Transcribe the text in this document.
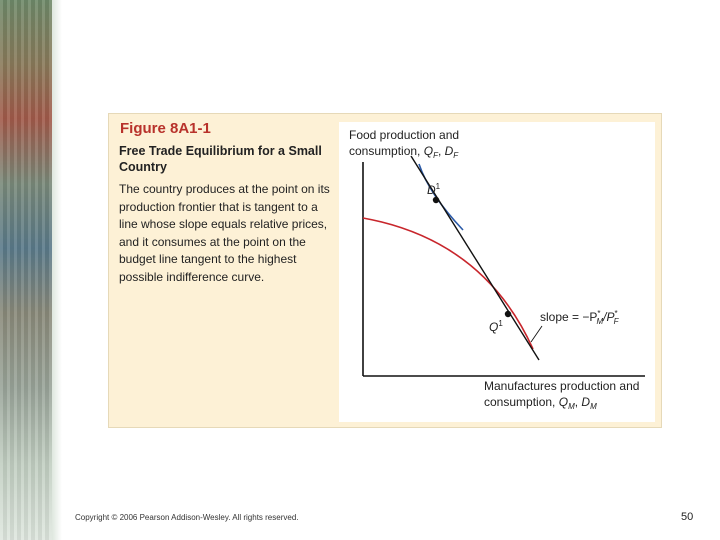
Figure 8A1-1
Free Trade Equilibrium for a Small Country
The country produces at the point on its production frontier that is tangent to a line whose slope equals relative prices, and it consumes at the point on the budget line tangent to the highest possible indifference curve.
Food production and
consumption, $Q_F$, $D_F$
$D^1$
$Q^1$	slope = −P* M/P* F
Manufactures production and
consumption, $Q_M$, $D_M$
Copyright © 2006 Pearson Addison-Wesley. All rights reserved.	50
